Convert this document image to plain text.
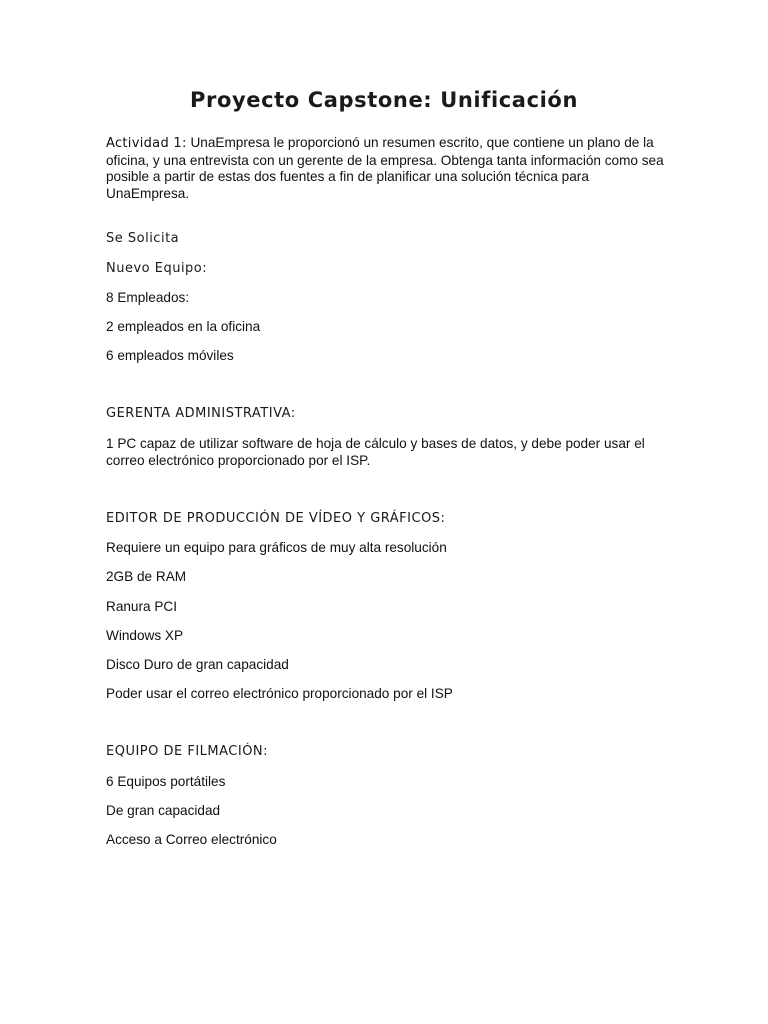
Proyecto Capstone: Unificación

Actividad 1: UnaEmpresa le proporcionó un resumen escrito, que contiene un plano de la oficina, y una entrevista con un gerente de la empresa. Obtenga tanta información como sea posible a partir de estas dos fuentes a fin de planificar una solución técnica para UnaEmpresa.

Se Solicita
Nuevo Equipo:
8 Empleados:
2 empleados en la oficina
6 empleados móviles
GERENTA ADMINISTRATIVA:

1 PC capaz de utilizar software de hoja de cálculo y bases de datos, y debe poder usar el correo electrónico proporcionado por el ISP.

EDITOR DE PRODUCCIÓN DE VÍDEO Y GRÁFICOS:
Requiere un equipo para gráficos de muy alta resolución
2GB de RAM
Ranura PCI
Windows XP
Disco Duro de gran capacidad
Poder usar el correo electrónico proporcionado por el ISP
EQUIPO DE FILMACIÓN:
6 Equipos portátiles
De gran capacidad
Acceso a Correo electrónico
